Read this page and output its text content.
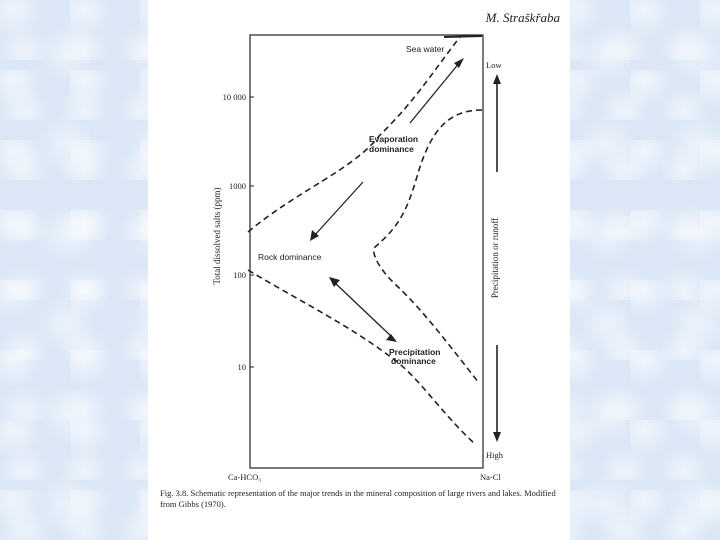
M. Straškřaba
10 000
1000
100
10
Total dissolved salts (ppm)
Ca-HCO₃	Na-Cl
Sea water
Evaporation
dominance
Rock dominance
Precipitation
dominance
Low
Precipitation or runoff
High
Fig. 3.8. Schematic representation of the major trends in the mineral composition of large rivers and lakes. Modified from Gibbs (1970).
